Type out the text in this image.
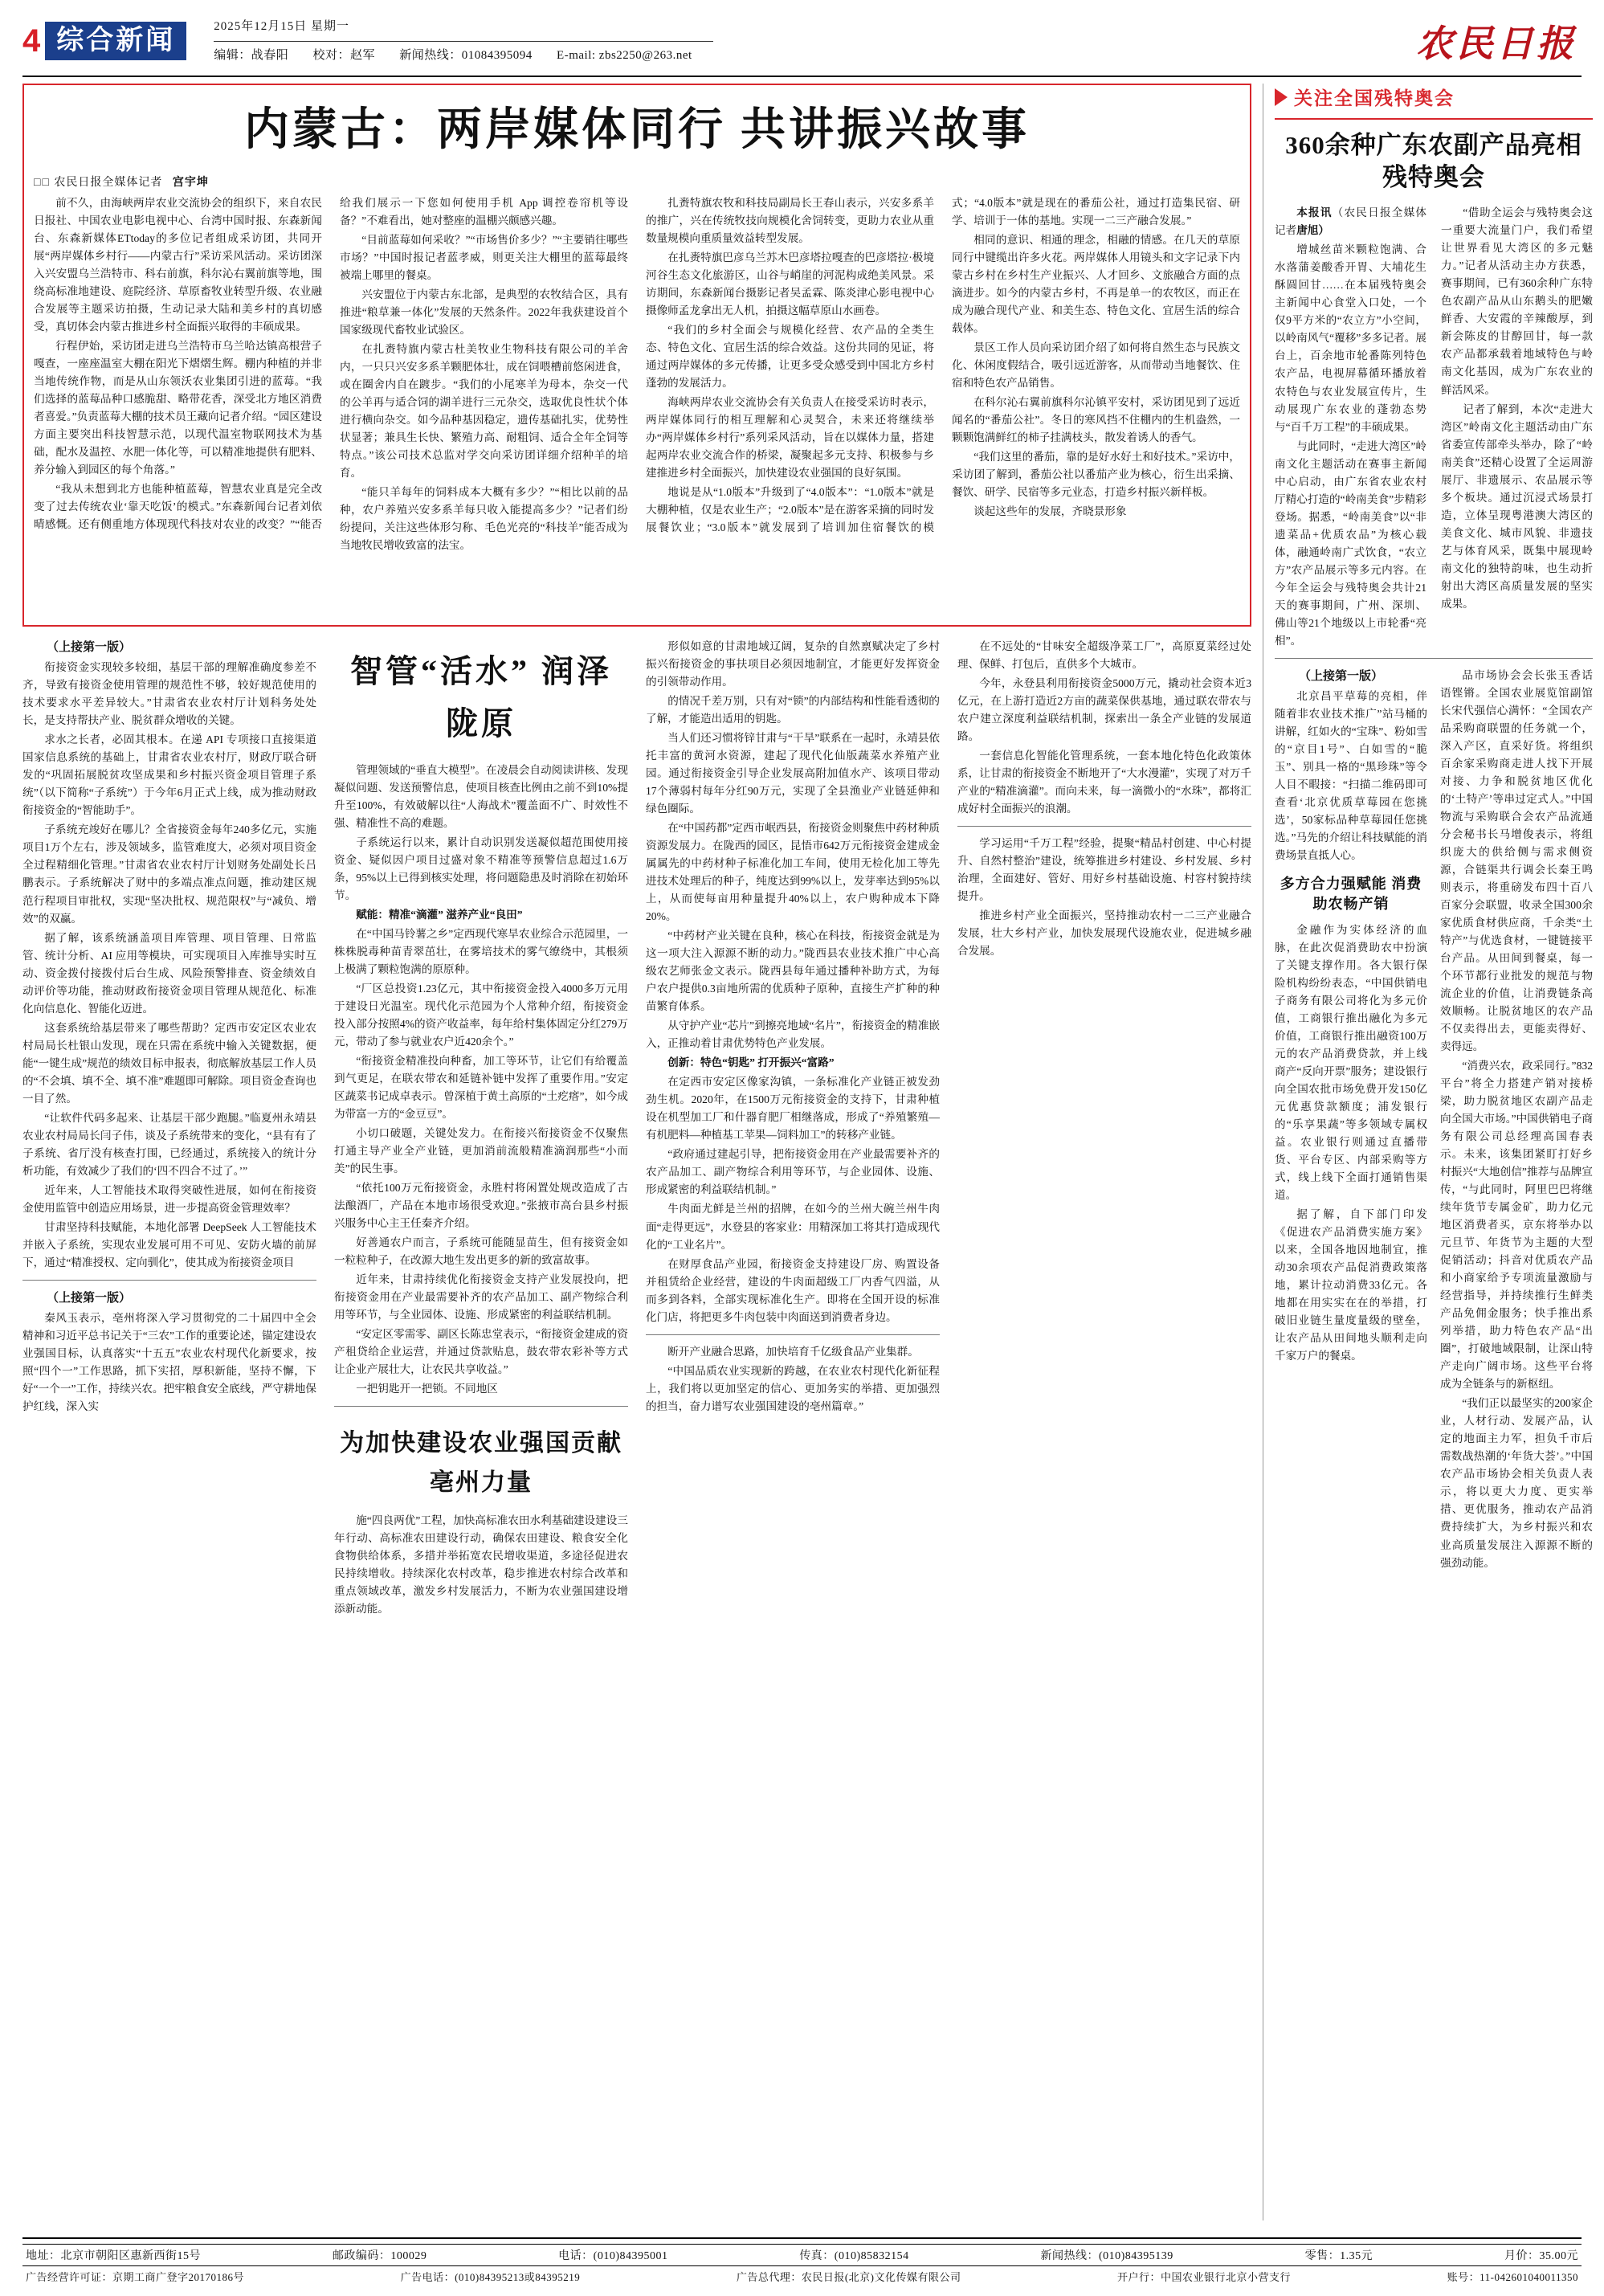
4 综合新闻	2025年12月15日 星期一
编辑：战春阳 校对：赵军 新闻热线：01084395094 E-mail: zbs2250@263.net	农民日报
内蒙古：两岸媒体同行 共讲振兴故事
□□ 农民日报全媒体记者 宫宇坤

前不久，由海峡两岸农业交流协会的组织下，来自农民日报社、中国农业电影电视中心、台湾中国时报、东森新闻台、东森新媒体ETtoday的多位记者组成采访团，共同开展“两岸媒体乡村行——内蒙古行”采访采风活动。采访团深入兴安盟乌兰浩特市、科右前旗，科尔沁右翼前旗等地，围绕高标准地建设、庭院经济、草原畜牧业转型升级、农业融合发展等主题采访拍摄，生动记录大陆和美乡村的真切感受，真切体会内蒙古推进乡村全面振兴取得的丰硕成果。

行程伊始，采访团走进乌兰浩特市乌兰哈达镇高根营子嘎查，一座座温室大棚在阳光下熠熠生辉。棚内种植的并非当地传统作物，而是从山东领沃农业集团引进的蓝莓。“我们选择的蓝莓品种口感脆甜、略带花香，深受北方地区消费者喜爱。”负责蓝莓大棚的技术员王藏向记者介绍。“园区建设方面主要突出科技智慧示范，以现代温室物联网技术为基础，配水及温控、水肥一体化等，可以精准地提供有肥料、养分输入到园区的每个角落。”

“我从未想到北方也能种植蓝莓，智慧农业真是完全改变了过去传统农业‘靠天吃饭’的模式。”东森新闻台记者刘依晴感慨。还有侧重地方体现现代科技对农业的改变？”“能否给我们展示一下您如何使用手机 App 调控卷帘机等设备？”不难看出，她对整座的温棚兴颇感兴趣。

“目前蓝莓如何采收？”“市场售价多少？”“主要销往哪些市场？”中国时报记者蓝孝威，则更关注大棚里的蓝莓最终被端上哪里的餐桌。

兴安盟位于内蒙古东北部，是典型的农牧结合区，具有推进“粮草兼一体化”发展的天然条件。2022年我获建设首个国家级现代畜牧业试验区。

在扎赉特旗内蒙古杜美牧业生物科技有限公司的羊舍内，一只只兴安多系羊颗肥体壮，成在饲喂槽前悠闲进食，或在圈舍内自在踱步。“我们的小尾寒羊为母本，杂交一代的公羊再与适合饲的湖羊进行三元杂交，选取优良性状个体进行横向杂交。如今品种基因稳定，遗传基础扎实，优势性状显著；兼具生长快、繁殖力高、耐粗饲、适合全年全饲等特点。”该公司技术总监对学交向采访团详细介绍种羊的培育。

“能只羊每年的饲料成本大概有多少？”“相比以前的品种，农户养殖兴安多系羊每只收入能提高多少？”记者们纷纷提问，关注这些体形匀称、毛色光亮的“科技羊”能否成为当地牧民增收致富的法宝。

扎赉特旗农牧和科技局副局长王春山表示，兴安多系羊的推广，兴在传统牧技向规模化舍饲转变，更助力农业从重数量规模向重质量效益转型发展。

在扎赉特旗巴彦乌兰苏木巴彦塔拉嘎查的巴彦塔拉·极境河谷生态文化旅游区，山谷与峭崖的河泥构成绝美风景。采访期间，东森新闻台摄影记者吴孟霖、陈炎津心影电视中心摄像师孟龙拿出无人机，拍摄这幅草原山水画卷。

“我们的乡村全面会与规模化经营、农产品的全类生态、特色文化、宜居生活的综合效益。这份共同的见证，将通过两岸媒体的多元传播，让更多受众感受到中国北方乡村蓬勃的发展活力。

海峡两岸农业交流协会有关负责人在接受采访时表示，两岸媒体同行的相互理解和心灵契合，未来还将继续举办“两岸媒体乡村行”系列采风活动，旨在以媒体力量，搭建起两岸农业交流合作的桥梁，凝聚起多元支持、积极参与乡建推进乡村全面振兴，加快建设农业强国的良好氛围。

地说是从“1.0版本”升级到了“4.0版本”：“1.0版本”就是大棚种植，仅是农业生产；“2.0版本”是在游客采摘的同时发展餐饮业；“3.0版本”就发展到了培训加住宿餐饮的模式；“4.0版本”就是现在的番茄公社，通过打造集民宿、研学、培训于一体的基地。实现一二三产融合发展。”

相同的意识、相通的理念，相融的情感。在几天的草原同行中键缆出许多火花。两岸媒体人用镜头和文字记录下内蒙古乡村在乡村生产业振兴、人才回乡、文旅融合方面的点滴进步。如今的内蒙古乡村，不再是单一的农牧区，而正在成为融合现代产业、和美生态、特色文化、宜居生活的综合载体。

景区工作人员向采访团介绍了如何将自然生态与民族文化、休闲度假结合，吸引远近游客，从而带动当地餐饮、住宿和特色农产品销售。

在科尔沁右翼前旗科尔沁镇平安村，采访团见到了远近闻名的“番茄公社”。冬日的寒风挡不住棚内的生机盎然，一颗颗饱满鲜红的柿子挂满枝头，散发着诱人的香气。

“我们这里的番茄，靠的是好水好土和好技术。”采访中，采访团了解到，番茄公社以番茄产业为核心，衍生出采摘、餐饮、研学、民宿等多元业态，打造乡村振兴新样板。

谈起这些年的发展，齐晓景形象

（上接第一版）

衔接资金实现较多较细，基层干部的理解准确度参差不齐，导致有接资金使用管理的规范性不够，较好规范使用的技术要求水平差异较大。”甘肃省农业农村厅计划科务处处长，是支持帮扶产业、脱贫群众增收的关键。

求水之长者，必固其根本。在递 API 专项接口直接渠道国家信息系统的基础上，甘肃省农业农村厅，财政厅联合研发的“巩固拓展脱贫攻坚成果和乡村振兴资金项目管理子系统”（以下简称“子系统”）于今年6月正式上线，成为推动财政衔接资金的“智能助手”。

子系统充竣好在哪儿？全省接资金每年240多亿元，实施项目1万个左右，涉及领域多，监管难度大，必须对项目资金全过程精细化管理。”甘肃省农业农村厅计划财务处副处长吕鹏表示。子系统解决了财中的多端点准点问题，推动建区规范行程项目审批权，实现“坚决批权、规范限权”与“减负、增效”的双赢。

据了解，该系统涵盖项目库管理、项目管理、日常监管、统计分析、AI 应用等模块，可实现项目入库推导实时互动、资金拨付接拨付后台生成、风险预警排查、资金绩效自动评价等功能，推动财政衔接资金项目管理从规范化、标准化向信息化、智能化迈进。

这套系统给基层带来了哪些帮助？定西市安定区农业农村局局长杜银山发现，现在只需在系统中输入关键数据，便能“一键生成”规范的绩效目标申报表，彻底解放基层工作人员的“不会填、填不全、填不准”难题即可解除。项目资金查询也一目了然。

“让软件代码多起来、让基层干部少跑腿。”临夏州永靖县农业农村局局长闫子伟，谈及子系统带来的变化，“县有有了子系统、省厅没有核查打围，已经通过，系统接入的统计分析功能，有效减少了我们的‘四不四合不过了。’”

近年来，人工智能技术取得突破性进展，如何在衔接资金使用监管中创造应用场景，进一步提高资金管理效率？

甘肃坚持科技赋能，本地化部署 DeepSeek 人工智能技术并嵌入子系统，实现农业发展可用不可见、安防火墙的前屏下，通过“精准授权、定向驯化”，使其成为衔接资金项目

（上接第一版）

秦风玉表示，亳州将深入学习贯彻党的二十届四中全会精神和习近平总书记关于“三农”工作的重要论述，锚定建设农业强国目标，认真落实“十五五”农业农村现代化新要求，按照“四个一”工作思路，抓下实招，厚积新能，坚持不懈，下好“一个一”工作，持续兴农。把牢粮食安全底线，严守耕地保护红线，深入实

智管“活水” 润泽陇原

管理领域的“垂直大模型”。在凌晨会自动阅读讲核、发现凝似问题、发送预警信息，使项目核查比例由之前不到10%提升至100%，有效破解以往“人海战术”覆盖面不广、时效性不强、精准性不高的难题。

子系统运行以来，累计自动识别发送凝似超范围使用接资金、疑似因户项目过盛对象不精准等预警信息超过1.6万条，95%以上已得到核实处理，将问题隐患及时消除在初始环节。

赋能：精准“滴灌” 滋养产业“良田”

在“中国马铃薯之乡”定西现代寒旱农业综合示范园里，一株株脱毒种苗青翠茁壮，在雾培技术的雾气缭绕中，其根须上极满了颗粒饱满的原原种。

“厂区总投资1.23亿元，其中衔接资金投入4000多万元用于建设日光温室。现代化示范园为个人常种介绍，衔接资金投入部分按照4%的资产收益率，每年给村集体固定分红279万元，带动了参与就业农户近420余个。”

“衔接资金精准投向种畜，加工等环节，让它们有给覆盖到气更足，在联农带农和延链补链中发挥了重要作用。”安定区蔬菜书记成卓表示。曾深植于黄土高原的“土疙瘩”，如今成为带富一方的“金豆豆”。

小切口破题，关键处发力。在衔接兴衔接资金不仅聚焦打通主导产业全产业链，更加消前流般精准滴润那些“小而美”的民生事。

“依托100万元衔接资金，永胜村将闲置处规改造成了古法酿酒厂，产品在本地市场很受欢迎。”张掖市高台县乡村振兴服务中心主王任秦齐介绍。

好善通农户而言，子系统可能随显苗生，但有接资金如一粒粒种子，在改源大地生发出更多的新的致富故事。

近年来，甘肃持续优化衔接资金支持产业发展投向，把衔接资金用在产业最需要补齐的农产品加工、副产物综合利用等环节，与全业园体、设施、形成紧密的利益联结机制。

“安定区零需零、副区长陈忠堂表示，“衔接资金建成的资产租贷给企业运营，并通过贷款贴息，鼓农带农彩补等方式让企业产展壮大，让农民共享收益。”

一把钥匙开一把锁。不同地区

为加快建设农业强国贡献亳州力量

施“四良两优”工程，加快高标准农田水利基础建设建设三年行动、高标准农田建设行动，确保农田建设、粮食安全化食物供给体系，多措并举拓宽农民增收渠道，多途径促进农民持续增收。持续深化农村改革，稳步推进农村综合改革和重点领域改革，激发乡村发展活力，不断为农业强国建设增添新动能。

形似如意的甘肃地域辽阔，复杂的自然禀赋决定了乡村振兴衔接资金的事扶项目必须因地制宜，才能更好发挥资金的引领带动作用。

的情况千差万别，只有对“锁”的内部结构和性能看透彻的了解，才能造出适用的钥匙。

当人们还习惯将锌甘肃与“干旱”联系在一起时，永靖县依托丰富的黄河水资源，建起了现代化仙版蔬菜水养殖产业园。通过衔接资金引导企业发展高附加值水产、该项目带动17个薄弱村每年分红90万元，实现了全县渔业产业链延伸和绿色圈际。

在“中国药都”定西市岷西县，衔接资金则聚焦中药材种质资源发展力。在陇西的园区，昆悟市642万元衔接资金建成金属属先的中药材种子标准化加工车间，使用无检化加工等先进技术处理后的种子，纯度达到99%以上，发芽率达到95%以上，从而使每亩用种量提升40%以上，农户购种成本下降20%。

“中药材产业关键在良种，核心在科技，衔接资金就是为这一项大注入源源不断的动力。”陇西县农业技术推广中心高级农艺师张金文表示。陇西县每年通过播种补助方式，为每户农户提供0.3亩地所需的优质种子原种，直接生产扩种的种苗繁育体系。

从守护产业“芯片”到擦亮地域“名片”，衔接资金的精准嵌入，正推动着甘肃优势特色产业发展。

创新：特色“钥匙” 打开振兴“富路”

在定西市安定区像家沟镇，一条标准化产业链正被发劲劲生机。2020年，在1500万元衔接资金的支持下，甘肃种植设在机型加工厂和什器育肥厂相继落成，形成了“养殖繁殖—有机肥料—种植基工苹果—饲料加工”的转移产业链。

“政府通过建起引导，把衔接资金用在产业最需要补齐的农产品加工、副产物综合利用等环节，与企业园体、设施、形成紧密的利益联结机制。”

牛肉面尤鲜是兰州的招牌，在如今的兰州大碗兰州牛肉面“走得更远”，水登县的客家业：用精深加工将其打造成现代化的“工业名片”。

在财厚食品产业园，衔接资金支持建设厂房、购置设备并租赁给企业经营，建设的牛肉面超级工厂内香气四溢，从而多到各料，全部实现标准化生产。即将在全国开设的标准化门店，将把更多牛肉包装中肉面送到消费者身边。

断开产业融合思路，加快培育千亿级食品产业集群。

“中国品质农业实现新的跨越，在农业农村现代化新征程上，我们将以更加坚定的信心、更加务实的举措、更加强烈的担当，奋力谱写农业强国建设的亳州篇章。”

在不远处的“甘味安全超级净菜工厂”，高原夏菜经过处理、保鲜、打包后，直供多个大城市。

今年，永登县利用衔接资金5000万元，撬动社会资本近3亿元，在上游打造近2方亩的蔬菜保供基地，通过联农带农与农户建立深度利益联结机制，探索出一条全产业链的发展道路。

一套信息化智能化管理系统，一套本地化特色化政策体系，让甘肃的衔接资金不断地开了“大水漫灌”，实现了对万千产业的“精准滴灌”。而向未来，每一滴微小的“水珠”，都将汇成好村全面振兴的浪潮。

学习运用“千万工程”经验，提聚“精品村创建、中心村提升、自然村整治”建设，统筹推进乡村建设、乡村发展、乡村治理，全面建好、管好、用好乡村基础设施、村容村貌持续提升。

推进乡村产业全面振兴，坚持推动农村一二三产业融合发展，壮大乡村产业，加快发展现代设施农业，促进城乡融合发展。

关注全国残特奥会
360余种广东农副产品亮相残特奥会

本报讯（农民日报全媒体记者唐旭）

增城丝苗米颗粒饱满、合水落蒲姜酸香开胃、大埔花生酥圆回甘……在本届残特奥会主新闻中心食堂入口处，一个仅9平方米的“农立方”小空间，以岭南风气“覆移”多多记者。展台上，百余地市轮番陈列特色农产品，电视屏幕循环播放着农特色与农业发展宣传片，生动展现广东农业的蓬勃态势与“百千万工程”的丰硕成果。

与此同时，“走进大湾区”岭南文化主题活动在赛事主新闻中心启动，由广东省农业农村厅精心打造的“岭南美食”步精彩登场。据悉，“岭南美食”以“非遗菜品+优质农品”为核心载体，融通岭南广式饮食，“农立方”农产品展示等多元内容。在今年全运会与残特奥会共计21天的赛事期间，广州、深圳、佛山等21个地级以上市轮番“亮相”。

“借助全运会与残特奥会这一重要大流量门户，我们希望让世界看见大湾区的多元魅力。”记者从活动主办方获悉，赛事期间，已有360余种广东特色农副产品从山东鹅头的肥嫩鲜香、大安霞的辛辣酸厚，到新会陈皮的甘醇回甘，每一款农产品都承载着地域特色与岭南文化基因，成为广东农业的鲜活风采。

记者了解到，本次“走进大湾区”岭南文化主题活动由广东省委宣传部牵头举办，除了“岭南美食”还精心设置了全运周游展厅、非遗展示、农品展示等多个板块。通过沉浸式场景打造，立体呈现粤港澳大湾区的美食文化、城市风貌、非遗技艺与体育风采，既集中展现岭南文化的独特韵味，也生动折射出大湾区高质量发展的坚实成果。

（上接第一版）

北京昌平草莓的亮相，伴随着非农业技术推广”站马桶的讲解，红如火的“宝珠”、粉如雪的“京目1号”、白如雪的“脆玉”、别具一格的“黑珍珠”等令人目不暇接：“扫描二维码即可查看‘北京优质草莓园在您挑选’，50家标品种草莓园任您挑选。”马先的介绍让科技赋能的消费场景直抵人心。

多方合力强赋能 消费助农畅产销

金融作为实体经济的血脉，在此次促消费助农中扮演了关键支撑作用。各大银行保险机构纷纷表态，“中国供销电子商务有限公司将化为多元价值，工商银行推出融化为多元价值，工商银行推出融资100万元的农产品消费贷款，并上线商产“反向开票”服务；建设银行向全国农批市场免费开发150亿元优惠贷款额度；浦发银行的“乐享果蔬”等多领域专属权益。农业银行则通过直播带货、平台专区、内部采购等方式，线上线下全面打通销售渠道。

据了解，自下部门印发《促进农产品消费实施方案》以来，全国各地因地制宜，推动30余项农产品促消费政策落地，累计拉动消费33亿元。各地都在用实实在在的举措，打破旧业链生量度量级的壁垒，让农产品从田间地头顺利走向千家万户的餐桌。

品市场协会会长张玉香话语铿锵。全国农业展览馆副馆长宋代强信心满怀：“全国农产品采购商联盟的任务就一个，深入产区，直采好货。将组织百余家采购商走进人找下开展对接、力争和脱贫地区优化的‘土特产’等串过定式人。”中国物流与采购联合会农产品流通分会秘书长马增俊表示，将组织庞大的供给侧与需求侧资源，合链渠共行调会长秦王鸣则表示，将重磅发布四十百八百家分会联盟，收录全国300余家优质食材供应商，千余类“土特产”与优选食材，一键链接平台产品。从田间到餐桌，每一个环节都行业批发的规范与物流企业的价值，让消费链条高效顺畅。让脱贫地区的农产品不仅卖得出去，更能卖得好、卖得远。

“消费兴农，政采同行。”832平台”将全力搭建产销对接桥梁，助力脱贫地区农副产品走向全国大市场。”中国供销电子商务有限公司总经理高国春表示。未来，该集团紧盯打好乡村振兴“大地创信”推荐与品牌宣传，“与此同时，阿里巴巴将继续年货节专属金矿，助力亿元地区消费者买，京东将举办以元旦节、年货节为主题的大型促销活动；抖音对优质农产品和小商家给予专项流量激励与经营指导，并持续推行生鲜类产品免佣金服务；快手推出系列举措，助力特色农产品“出圈”，打破地域限制，让深山特产走向广阔市场。这些平台将成为全链条与的新枢纽。

“我们正以最坚实的200家企业，人材行动、发展产品，认定的地面主力军，担负千市后需数战热潮的‘年货大荟’。”中国农产品市场协会相关负责人表示，将以更大力度、更实举措、更优服务，推动农产品消费持续扩大，为乡村振兴和农业高质量发展注入源源不断的强劲动能。

地址：北京市朝阳区惠新西街15号	邮政编码：100029	电话：(010)84395001	传真：(010)85832154	新闻热线：(010)84395139	零售：1.35元	月价：35.00元
广告经营许可证：京期工商广登字20170186号	广告电话：(010)84395213或84395219	广告总代理：农民日报(北京)文化传媒有限公司	开户行：中国农业银行北京小营支行	账号：11-042601040011350
